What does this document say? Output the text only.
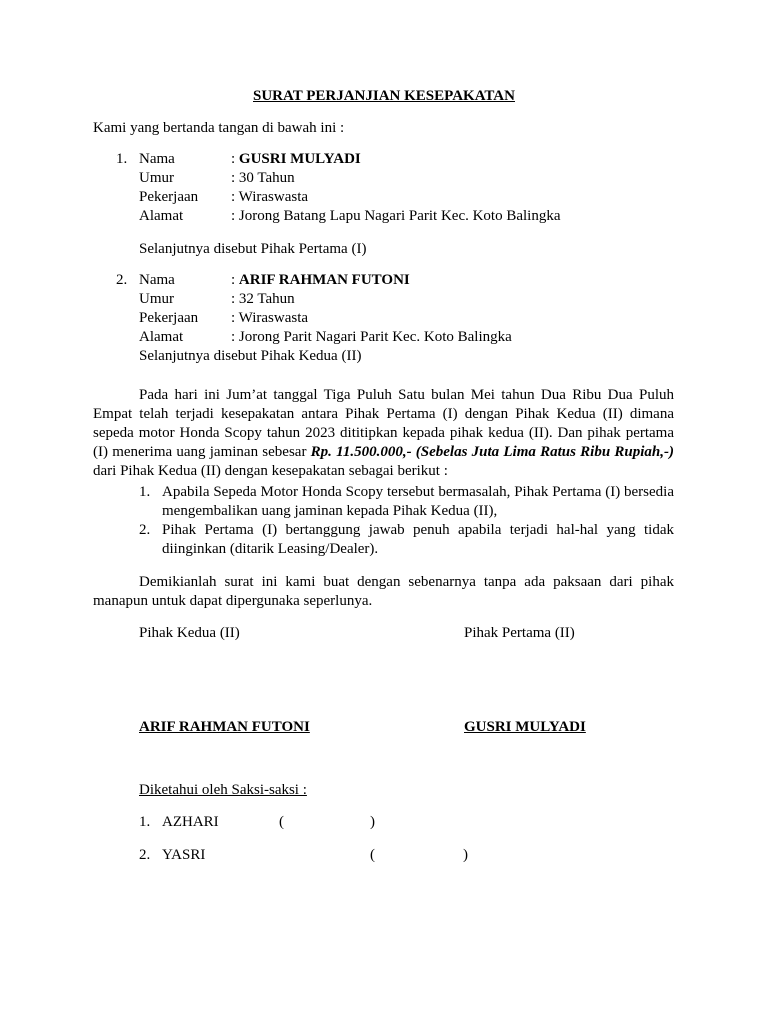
SURAT PERJANJIAN KESEPAKATAN
Kami yang bertanda tangan di bawah ini :
1. Nama	: GUSRI MULYADI
Umur	: 30 Tahun
Pekerjaan : Wiraswasta
Alamat	: Jorong Batang Lapu Nagari Parit Kec. Koto Balingka
Selanjutnya disebut Pihak Pertama (I)
2. Nama	: ARIF RAHMAN FUTONI
Umur	: 32 Tahun
Pekerjaan : Wiraswasta
Alamat	: Jorong Parit Nagari Parit Kec. Koto Balingka
Selanjutnya disebut Pihak Kedua (II)
Pada hari ini Jum’at tanggal Tiga Puluh Satu bulan Mei tahun Dua Ribu Dua Puluh Empat telah terjadi kesepakatan antara Pihak Pertama (I) dengan Pihak Kedua (II) dimana sepeda motor Honda Scopy tahun 2023 dititipkan kepada pihak kedua (II). Dan pihak pertama (I) menerima uang jaminan sebesar Rp. 11.500.000,- (Sebelas Juta Lima Ratus Ribu Rupiah,-) dari Pihak Kedua (II) dengan kesepakatan sebagai berikut :
1. Apabila Sepeda Motor Honda Scopy tersebut bermasalah, Pihak Pertama (I) bersedia mengembalikan uang jaminan kepada Pihak Kedua (II),
2. Pihak Pertama (I) bertanggung jawab penuh apabila terjadi hal-hal yang tidak diinginkan (ditarik Leasing/Dealer).
Demikianlah surat ini kami buat dengan sebenarnya tanpa ada paksaan dari pihak manapun untuk dapat dipergunaka seperlunya.
Pihak Kedua (II)	Pihak Pertama (II)
ARIF RAHMAN FUTONI	GUSRI MULYADI
Diketahui oleh Saksi-saksi :
1. AZHARI	(	)
2. YASRI	(	)
